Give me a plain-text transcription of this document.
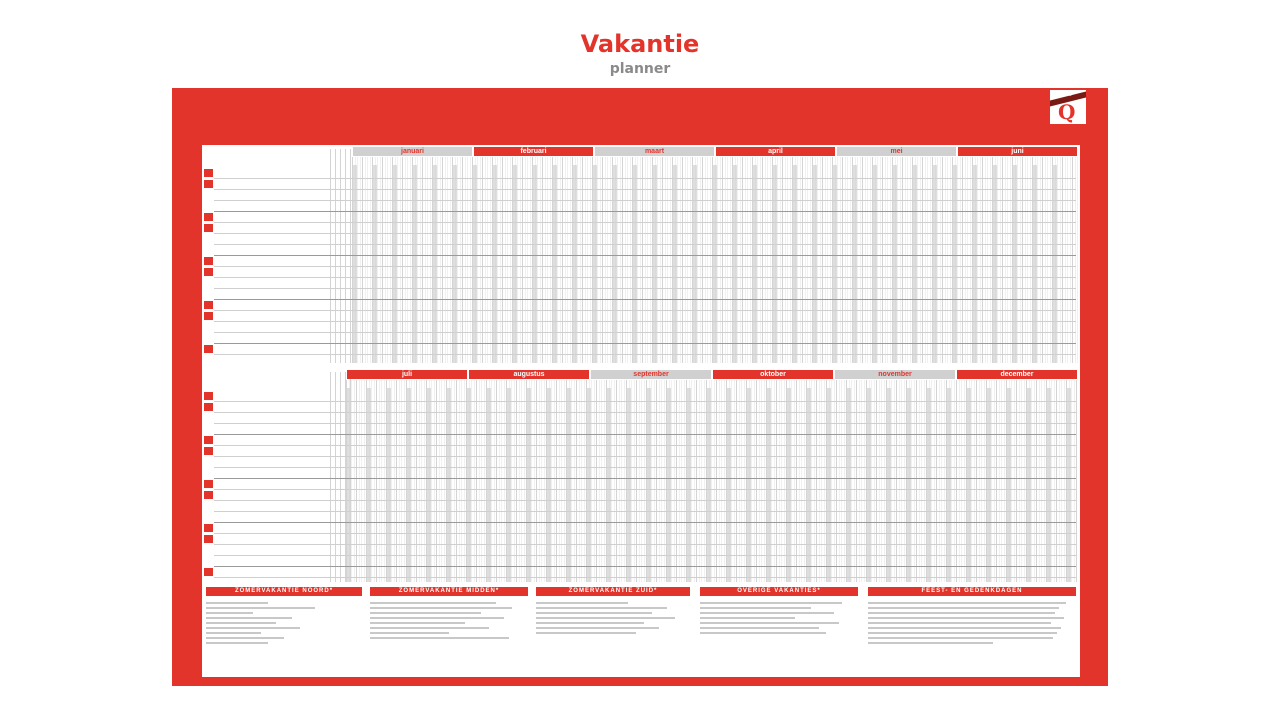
Vakantie
planner
quantore
Q
januari	februari	maart	april	mei	juni
juli	augustus	september	oktober	november	december
ZOMERVAKANTIE NOORD*	ZOMERVAKANTIE MIDDEN*	ZOMERVAKANTIE ZUID*	OVERIGE VAKANTIES*	FEEST- EN GEDENKDAGEN
